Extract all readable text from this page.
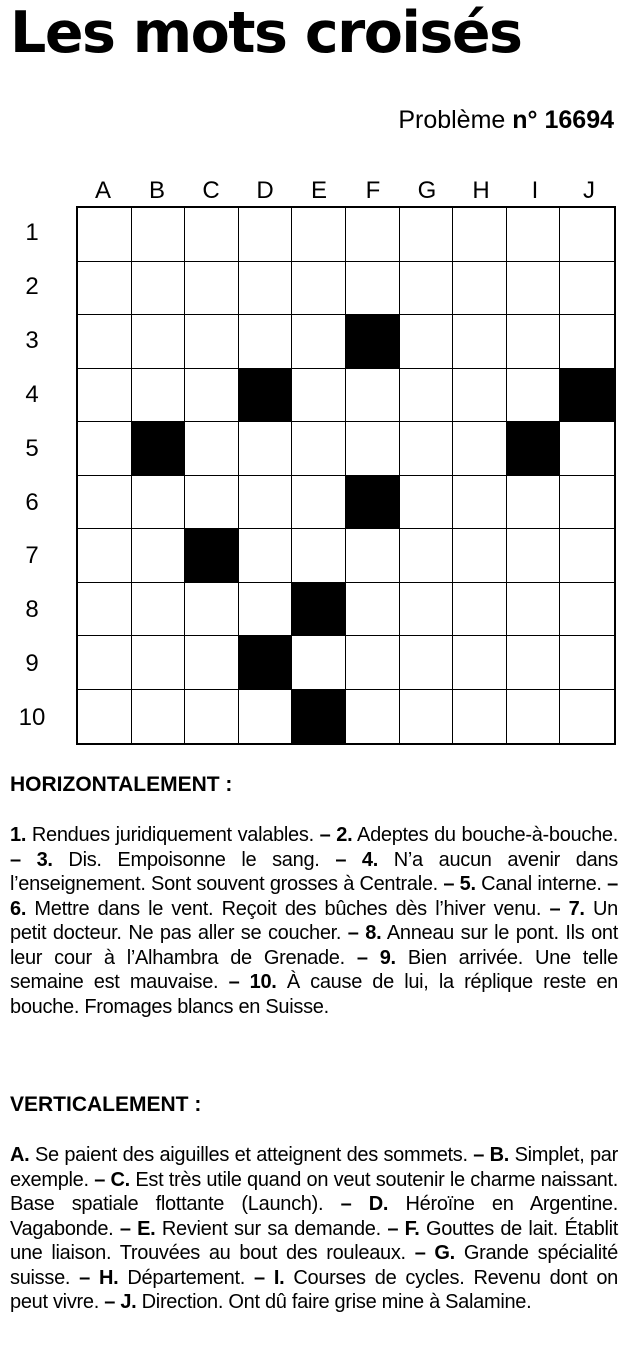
Les mots croisés
Problème n° 16694
A	B	C	D	E	F	G	H	I	J
1
2
3
4
5
6
7
8
9
10
HORIZONTALEMENT :
1. Rendues juridiquement valables. – 2. Adeptes du bouche-à-bouche. – 3. Dis. Empoisonne le sang. – 4. N’a aucun avenir dans l’enseignement. Sont souvent grosses à Centrale. – 5. Canal interne. – 6. Mettre dans le vent. Reçoit des bûches dès l’hiver venu. – 7. Un petit docteur. Ne pas aller se coucher. – 8. Anneau sur le pont. Ils ont leur cour à l’Alhambra de Grenade. – 9. Bien arrivée. Une telle semaine est mauvaise. – 10. À cause de lui, la réplique reste en bouche. Fromages blancs en Suisse.
VERTICALEMENT :
A. Se paient des aiguilles et atteignent des sommets. – B. Simplet, par exemple. – C. Est très utile quand on veut soutenir le charme naissant. Base spatiale flottante (Launch). – D. Héroïne en Argentine. Vagabonde. – E. Revient sur sa demande. – F. Gouttes de lait. Établit une liaison. Trouvées au bout des rouleaux. – G. Grande spécialité suisse. – H. Département. – I. Courses de cycles. Revenu dont on peut vivre. – J. Direction. Ont dû faire grise mine à Salamine.
